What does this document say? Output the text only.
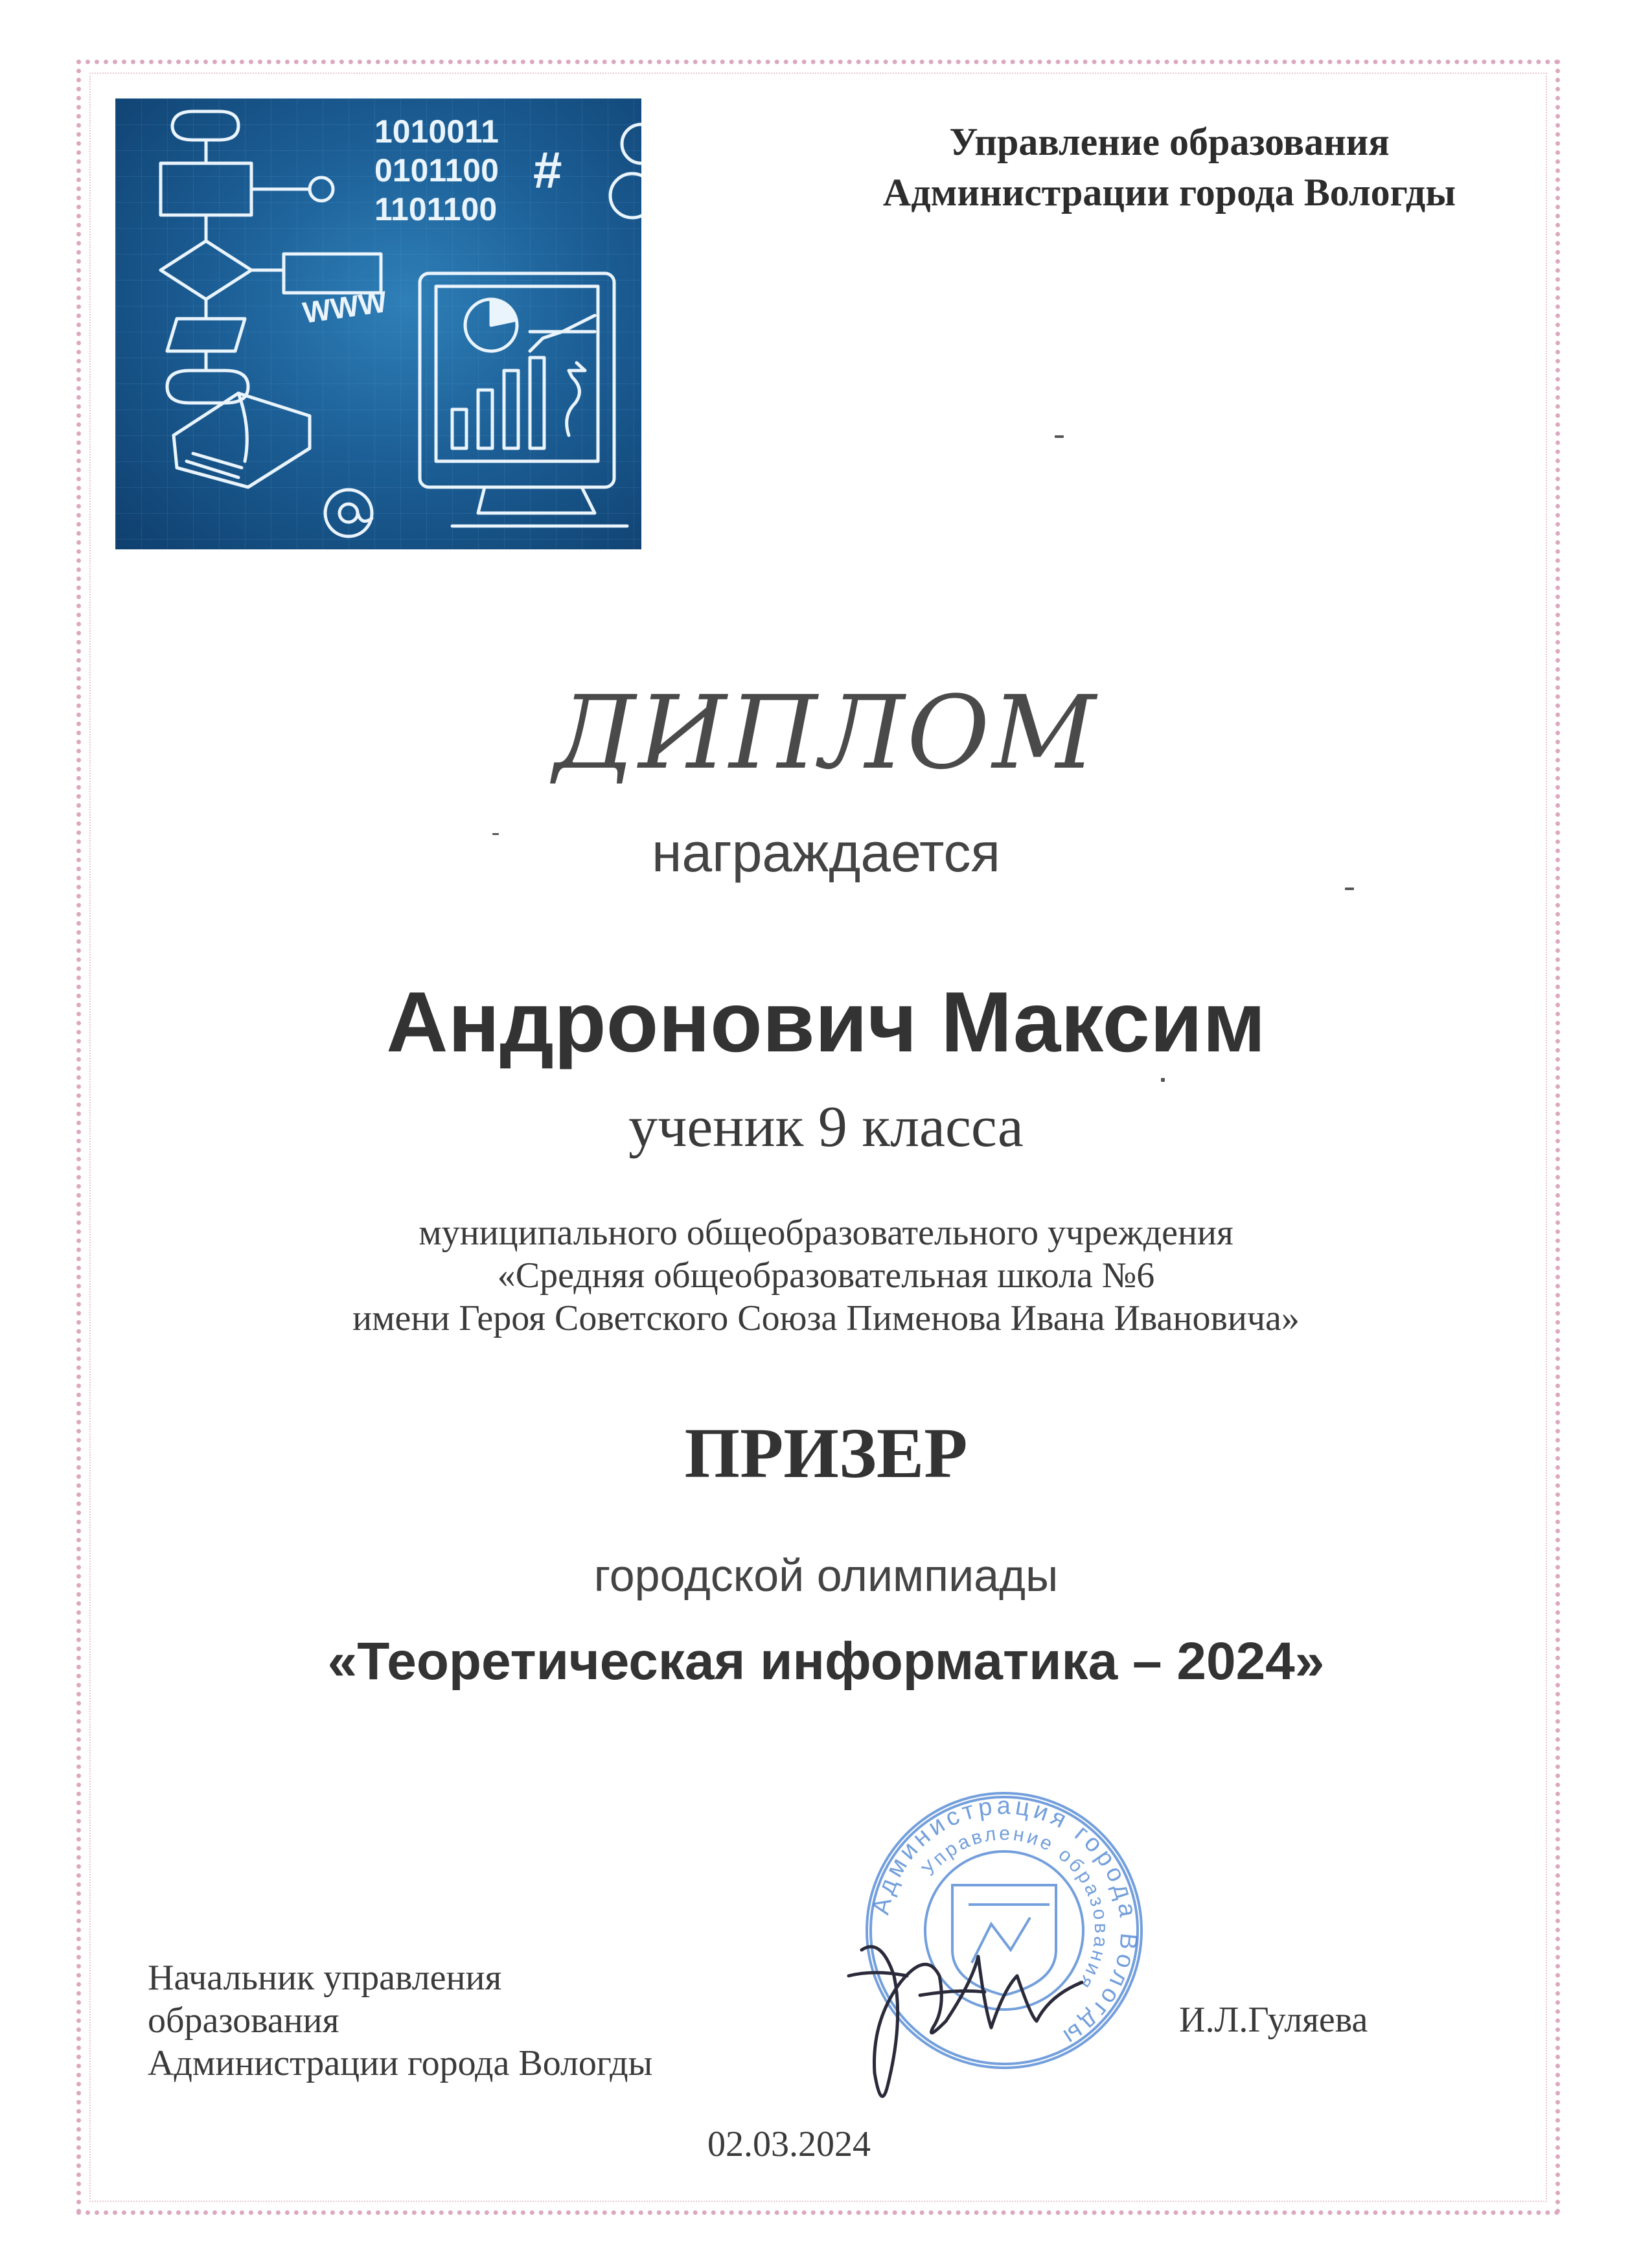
1010011
0101100
1101100
#
WWW
Управление образования
Администрации города Вологды
ДИПЛОМ
награждается
Андронович Максим
ученик 9 класса
муниципального общеобразовательного учреждения
«Средняя общеобразовательная школа №6
имени Героя Советского Союза Пименова Ивана Ивановича»
ПРИЗЕР
городской олимпиады
«Теоретическая информатика – 2024»
Начальник управления
образования
Администрации города Вологды
Администрация города Вологды
Управление образования
И.Л.Гуляева
02.03.2024
